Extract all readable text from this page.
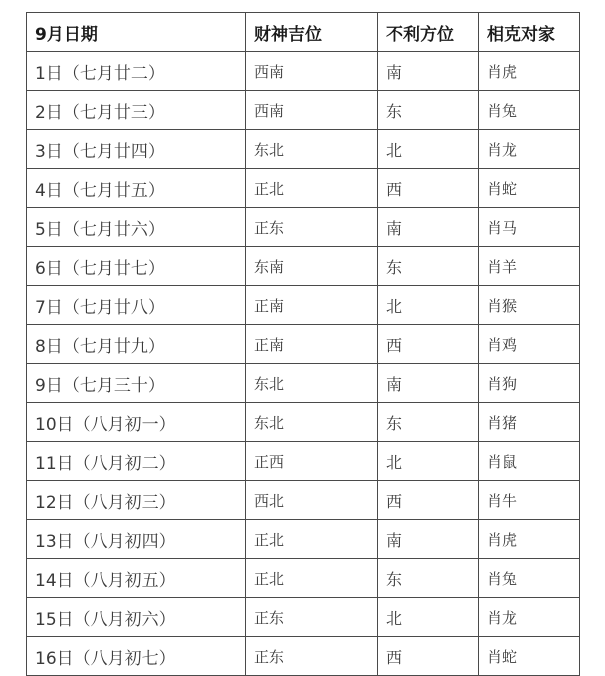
9月日期	财神吉位	不利方位	相克对家
1日（七月廿二）	西南	南	肖虎
2日（七月廿三）	西南	东	肖兔
3日（七月廿四）	东北	北	肖龙
4日（七月廿五）	正北	西	肖蛇
5日（七月廿六）	正东	南	肖马
6日（七月廿七）	东南	东	肖羊
7日（七月廿八）	正南	北	肖猴
8日（七月廿九）	正南	西	肖鸡
9日（七月三十）	东北	南	肖狗
10日（八月初一）	东北	东	肖猪
11日（八月初二）	正西	北	肖鼠
12日（八月初三）	西北	西	肖牛
13日（八月初四）	正北	南	肖虎
14日（八月初五）	正北	东	肖兔
15日（八月初六）	正东	北	肖龙
16日（八月初七）	正东	西	肖蛇
